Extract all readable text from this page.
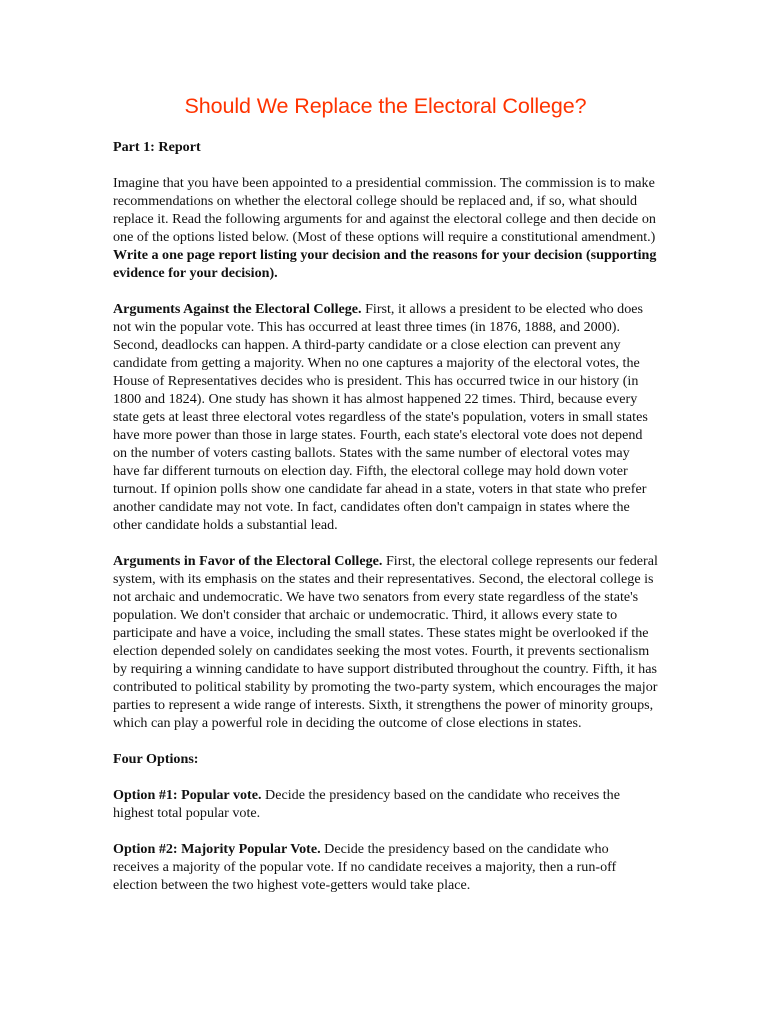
Should We Replace the Electoral College?
Part 1: Report

Imagine that you have been appointed to a presidential commission. The commission is to make recommendations on whether the electoral college should be replaced and, if so, what should replace it. Read the following arguments for and against the electoral college and then decide on one of the options listed below. (Most of these options will require a constitutional amendment.) Write a one page report listing your decision and the reasons for your decision (supporting evidence for your decision).

Arguments Against the Electoral College. First, it allows a president to be elected who does not win the popular vote. This has occurred at least three times (in 1876, 1888, and 2000). Second, deadlocks can happen. A third-party candidate or a close election can prevent any candidate from getting a majority. When no one captures a majority of the electoral votes, the House of Representatives decides who is president. This has occurred twice in our history (in 1800 and 1824). One study has shown it has almost happened 22 times. Third, because every state gets at least three electoral votes regardless of the state's population, voters in small states have more power than those in large states. Fourth, each state's electoral vote does not depend on the number of voters casting ballots. States with the same number of electoral votes may have far different turnouts on election day. Fifth, the electoral college may hold down voter turnout. If opinion polls show one candidate far ahead in a state, voters in that state who prefer another candidate may not vote. In fact, candidates often don't campaign in states where the other candidate holds a substantial lead.

Arguments in Favor of the Electoral College. First, the electoral college represents our federal system, with its emphasis on the states and their representatives. Second, the electoral college is not archaic and undemocratic. We have two senators from every state regardless of the state's population. We don't consider that archaic or undemocratic. Third, it allows every state to participate and have a voice, including the small states. These states might be overlooked if the election depended solely on candidates seeking the most votes. Fourth, it prevents sectionalism by requiring a winning candidate to have support distributed throughout the country. Fifth, it has contributed to political stability by promoting the two-party system, which encourages the major parties to represent a wide range of interests. Sixth, it strengthens the power of minority groups, which can play a powerful role in deciding the outcome of close elections in states.

Four Options:

Option #1: Popular vote. Decide the presidency based on the candidate who receives the highest total popular vote.

Option #2: Majority Popular Vote. Decide the presidency based on the candidate who receives a majority of the popular vote. If no candidate receives a majority, then a run-off election between the two highest vote-getters would take place.
